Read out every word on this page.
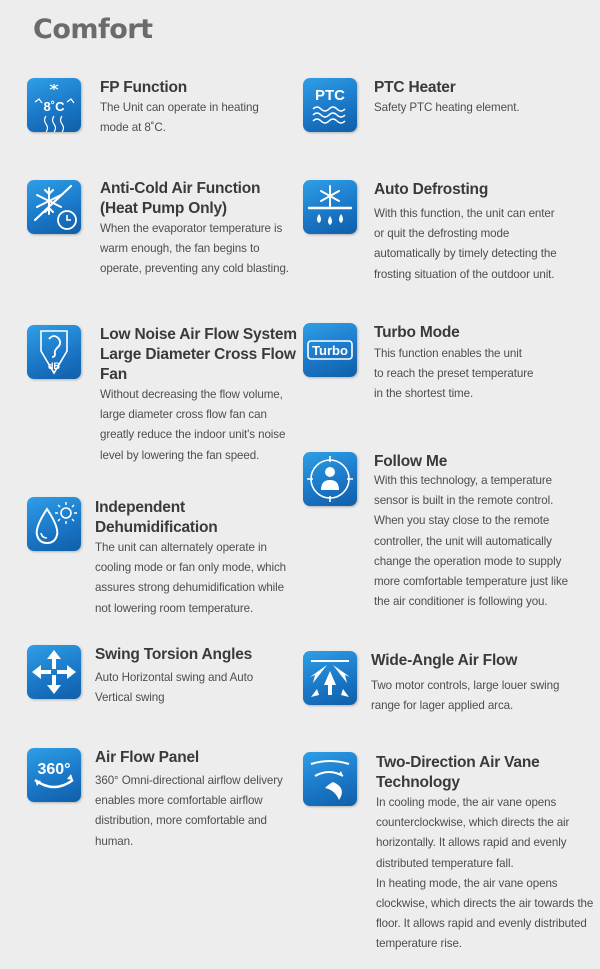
Comfort
8˚C
FP Function
The Unit can operate in heating
mode at 8˚C.
PTC PTC Heater
Safety PTC heating element.
Anti-Cold Air Function
(Heat Pump Only)
When the evaporator temperature is
warm enough, the fan begins to
operate, preventing any cold blasting.
Auto Defrosting
With this function, the unit can enter
or quit the defrosting mode
automatically by timely detecting the
frosting situation of the outdoor unit.
dB
Low Noise Air Flow System
Large Diameter Cross Flow
Fan
Without decreasing the flow volume,
large diameter cross flow fan can
greatly reduce the indoor unit's noise
level by lowering the fan speed.
Turbo
Turbo Mode
This function enables the unit
to reach the preset temperature
in the shortest time.
Follow Me
With this technology, a temperature
sensor is built in the remote control.
When you stay close to the remote
controller, the unit will automatically
change the operation mode to supply
more comfortable temperature just like
the air conditioner is following you.
Independent
Dehumidification
The unit can alternately operate in
cooling mode or fan only mode, which
assures strong dehumidification while
not lowering room temperature.
Swing Torsion Angles
Auto Horizontal swing and Auto
Vertical swing
Wide-Angle Air Flow
Two motor controls, large louer swing
range for lager applied arca.
360°
Air Flow Panel
360° Omni-directional airflow delivery
enables more comfortable airflow
distribution, more comfortable and
human.
Two-Direction Air Vane
Technology
In cooling mode, the air vane opens
counterclockwise, which directs the air
horizontally. It allows rapid and evenly
distributed temperature fall.
In heating mode, the air vane opens
clockwise, which directs the air towards the
floor. It allows rapid and evenly distributed
temperature rise.
